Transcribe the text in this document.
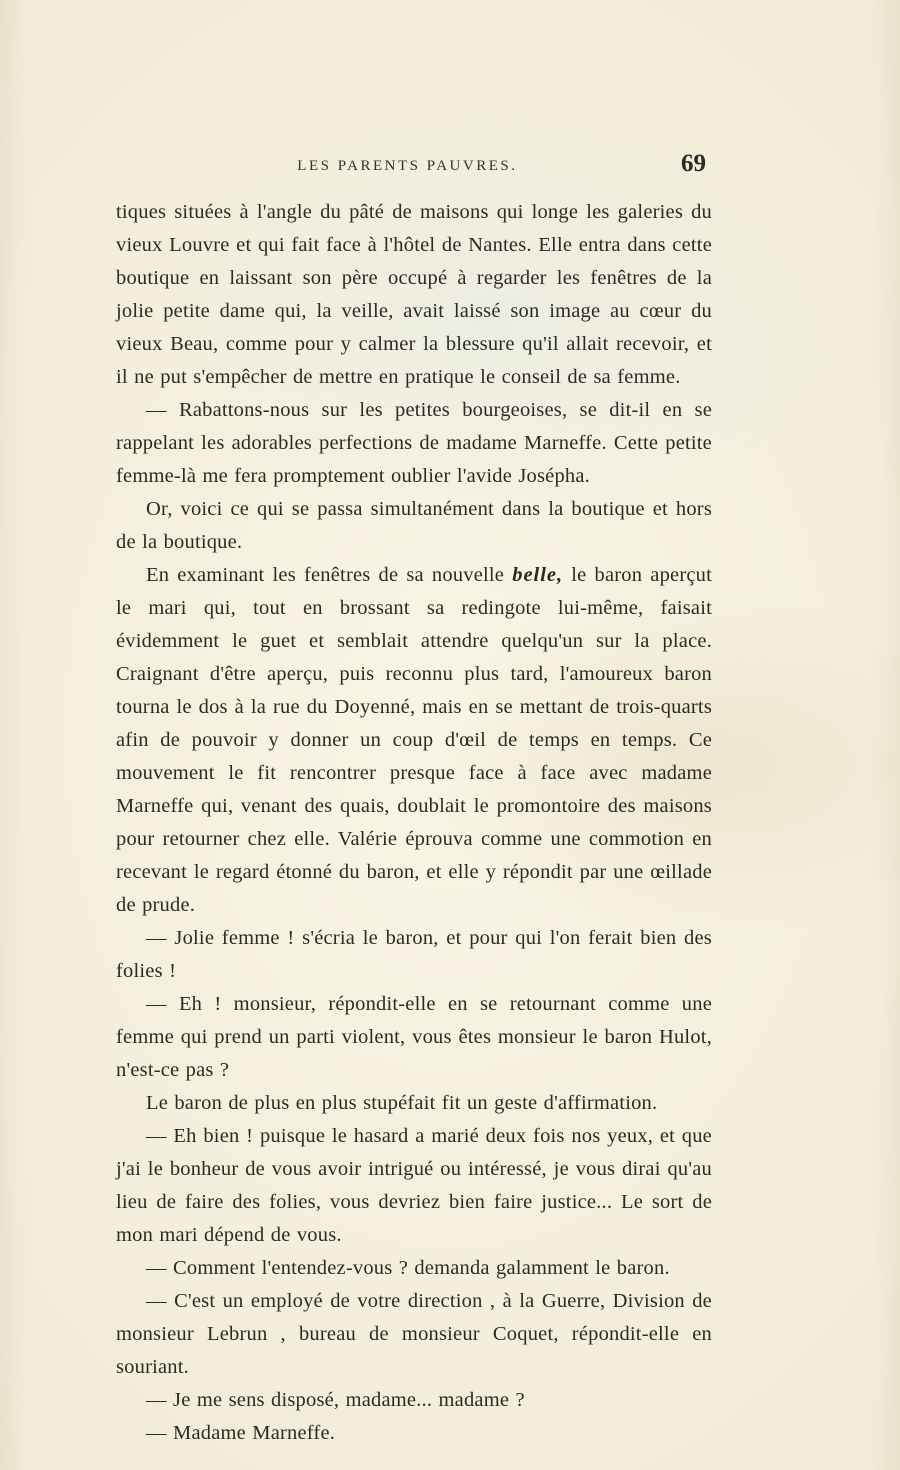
LES PARENTS PAUVRES.	69

tiques situées à l'angle du pâté de maisons qui longe les galeries du vieux Louvre et qui fait face à l'hôtel de Nantes. Elle entra dans cette boutique en laissant son père occupé à regarder les fenêtres de la jolie petite dame qui, la veille, avait laissé son image au cœur du vieux Beau, comme pour y calmer la blessure qu'il allait recevoir, et il ne put s'empêcher de mettre en pratique le conseil de sa femme.

— Rabattons-nous sur les petites bourgeoises, se dit-il en se rappelant les adorables perfections de madame Marneffe. Cette petite femme-là me fera promptement oublier l'avide Josépha.

Or, voici ce qui se passa simultanément dans la boutique et hors de la boutique.

En examinant les fenêtres de sa nouvelle belle, le baron aperçut le mari qui, tout en brossant sa redingote lui-même, faisait évidemment le guet et semblait attendre quelqu'un sur la place. Craignant d'être aperçu, puis reconnu plus tard, l'amoureux baron tourna le dos à la rue du Doyenné, mais en se mettant de trois-quarts afin de pouvoir y donner un coup d'œil de temps en temps. Ce mouvement le fit rencontrer presque face à face avec madame Marneffe qui, venant des quais, doublait le promontoire des maisons pour retourner chez elle. Valérie éprouva comme une commotion en recevant le regard étonné du baron, et elle y répondit par une œillade de prude.

— Jolie femme ! s'écria le baron, et pour qui l'on ferait bien des folies !

— Eh ! monsieur, répondit-elle en se retournant comme une femme qui prend un parti violent, vous êtes monsieur le baron Hulot, n'est-ce pas ?

Le baron de plus en plus stupéfait fit un geste d'affirmation.

— Eh bien ! puisque le hasard a marié deux fois nos yeux, et que j'ai le bonheur de vous avoir intrigué ou intéressé, je vous dirai qu'au lieu de faire des folies, vous devriez bien faire justice... Le sort de mon mari dépend de vous.

— Comment l'entendez-vous ? demanda galamment le baron.

— C'est un employé de votre direction , à la Guerre, Division de monsieur Lebrun , bureau de monsieur Coquet, répondit-elle en souriant.

— Je me sens disposé, madame... madame ?

— Madame Marneffe.
